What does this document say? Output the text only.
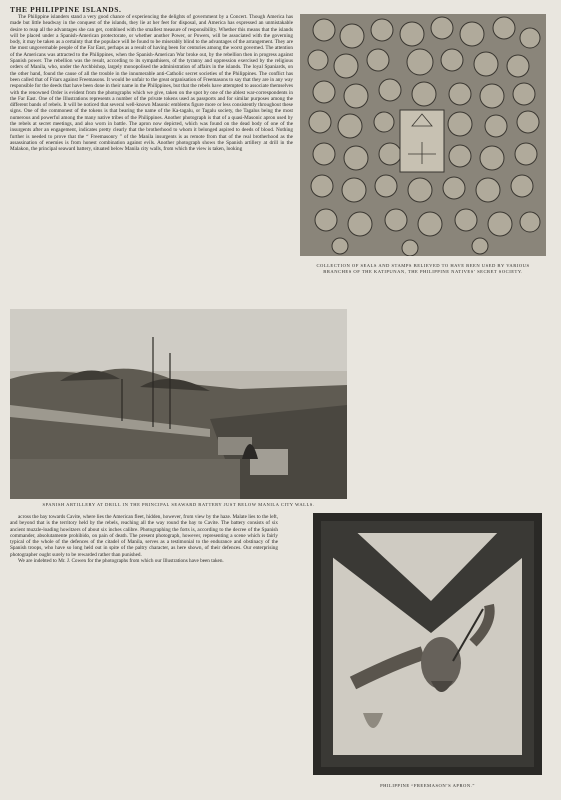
THE PHILIPPINE ISLANDS.
The Philippine islanders stand a very good chance of experiencing the delights of government by a Concert. Though America has made but little headway in the conquest of the islands, they lie at her feet for disposal, and America has expressed an unmistakable desire to reap all the advantages she can get, combined with the smallest measure of responsibility. Whether this means that the islands will be placed under a Spanish-American protectorate, or whether another Power, or Powers, will be associated with the governing body, it may be taken as a certainty that the populace will be found to be miserably blind to the advantages of the arrangement. They are the most ungovernable people of the Far East, perhaps as a result of having been for centuries among the worst governed. The attention of the Americans was attracted to the Philippines, when the Spanish-American War broke out, by the rebellion then in progress against Spanish power. The rebellion was the result, according to its sympathisers, of the tyranny and oppression exercised by the religious orders of Manila, who, under the Archbishop, largely monopolised the administration of affairs in the islands. The loyal Spaniards, on the other hand, found the cause of all the trouble in the innumerable anti-Catholic secret societies of the Philippines. The conflict has been called that of Friars against Freemasons. It would be unfair to the great organisation of Freemasons to say that they are in any way responsible for the deeds that have been done in their name in the Philippines, but that the rebels have attempted to associate themselves with the renowned Order is evident from the photographs which we give, taken on the spot by one of the ablest war-correspondents in the Far East. One of the Illustrations represents a number of the private tokens used as passports and for similar purposes among the different bands of rebels. It will be noticed that several well-known Masonic emblems figure more or less consistently throughout these signs. One of the commonest of the tokens is that bearing the name of the Ka-tagalu, or Tagalu society, the Tagalus being the most numerous and powerful among the many native tribes of the Philippines. Another photograph is that of a quasi-Masonic apron used by the rebels at secret meetings, and also worn in battle. The apron now depicted, which was found on the dead body of one of the insurgents after an engagement, indicates pretty clearly that the brotherhood to whom it belonged aspired to deeds of blood. Nothing further is needed to prove that the “ Freemasonry ” of the Manila insurgents is as remote from that of the real brotherhood as the assassination of enemies is from honest combination against evils. Another photograph shows the Spanish artillery at drill in the Malakon, the principal seaward battery, situated below Manila city walls, from which the view is taken, looking
COLLECTION OF SEALS AND STAMPS BELIEVED TO HAVE BEEN USED BY VARIOUS BRANCHES OF THE KATIPUNAN, THE PHILIPPINE NATIVES’ SECRET SOCIETY.
SPANISH ARTILLERY AT DRILL IN THE PRINCIPAL SEAWARD BATTERY JUST BELOW MANILA CITY WALLS.

across the bay towards Cavite, where lies the American fleet, hidden, however, from view by the haze. Malate lies to the left, and beyond that is the territory held by the rebels, reaching all the way round the bay to Cavite. The battery consists of six ancient muzzle-loading howitzers of about six inches calibre. Photographing the forts is, according to the decree of the Spanish commander, absolutamente prohibido, on pain of death. The present photograph, however, representing a scene which is fairly typical of the whole of the defences of the citadel of Manila, serves as a testimonial to the endurance and obstinacy of the Spanish troops, who have so long held out in spite of the paltry character, as here shown, of their defences. Our enterprising photographer ought surely to be rewarded rather than punished.

We are indebted to Mr. J. Cowen for the photographs from which our Illustrations have been taken.

PHILIPPINE “FREEMASON’S APRON.”
